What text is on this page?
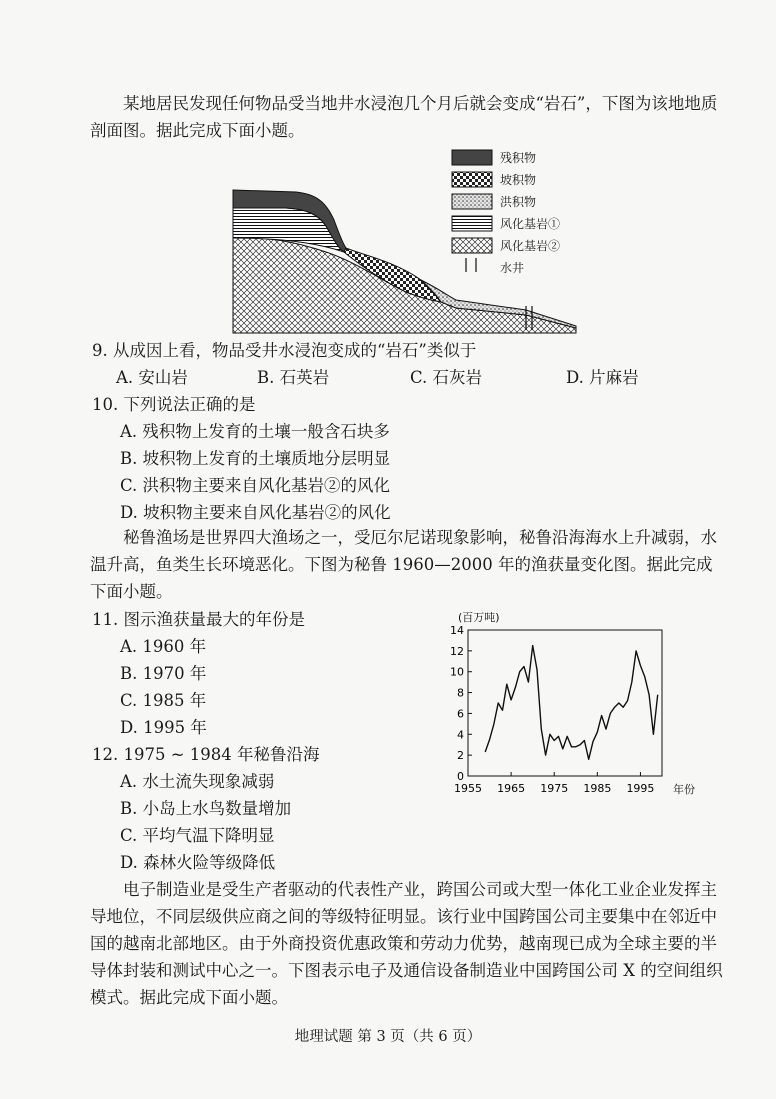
某地居民发现任何物品受当地井水浸泡几个月后就会变成“岩石”，下图为该地地质剖面图。据此完成下面小题。
残积物
坡积物
洪积物
风化基岩①
风化基岩②
水井
9. 从成因上看，物品受井水浸泡变成的“岩石”类似于
A. 安山岩	B. 石英岩	C. 石灰岩	D. 片麻岩
10. 下列说法正确的是
A. 残积物上发育的土壤一般含石块多
B. 坡积物上发育的土壤质地分层明显
C. 洪积物主要来自风化基岩②的风化
D. 坡积物主要来自风化基岩②的风化
秘鲁渔场是世界四大渔场之一，受厄尔尼诺现象影响，秘鲁沿海海水上升减弱，水温升高，鱼类生长环境恶化。下图为秘鲁 1960—2000 年的渔获量变化图。据此完成下面小题。
11. 图示渔获量最大的年份是
A. 1960 年
B. 1970 年
C. 1985 年
D. 1995 年
12. 1975 ~ 1984 年秘鲁沿海
A. 水土流失现象减弱
B. 小岛上水鸟数量增加
C. 平均气温下降明显
D. 森林火险等级降低
0
2
4
6
8
10
12
14
1955 1965 1975 1985 1995
(百万吨)
年份
电子制造业是受生产者驱动的代表性产业，跨国公司或大型一体化工业企业发挥主导地位，不同层级供应商之间的等级特征明显。该行业中国跨国公司主要集中在邻近中国的越南北部地区。由于外商投资优惠政策和劳动力优势，越南现已成为全球主要的半导体封装和测试中心之一。下图表示电子及通信设备制造业中国跨国公司 X 的空间组织模式。据此完成下面小题。
地理试题 第 3 页（共 6 页）
